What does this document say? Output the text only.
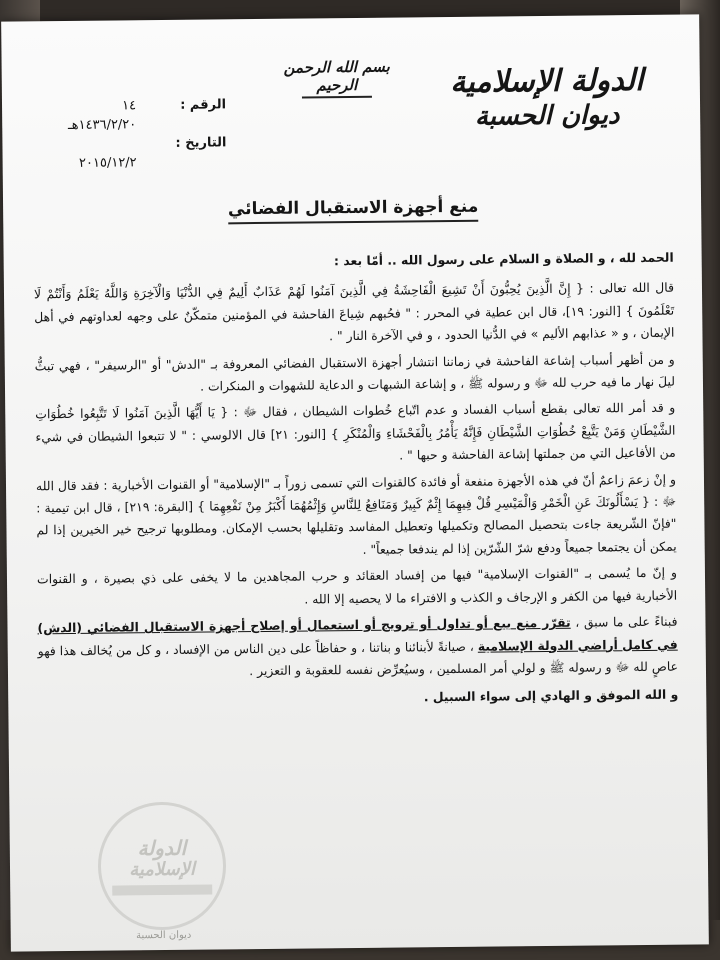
الدولة الإسلامية
ديوان الحسبة
بسم الله الرحمن الرحيم
الرقم :
١٤
١٤٣٦/٢/٢٠هـ
التاريخ :
٢٠١٥/١٢/٢
منع أجهزة الاستقبال الفضائي

الحمد لله ، و الصلاة و السلام على رسول الله .. أمّا بعد :

قال الله تعالى : { إِنَّ الَّذِينَ يُحِبُّونَ أَنْ تَشِيعَ الْفَاحِشَةُ فِي الَّذِينَ آمَنُوا لَهُمْ عَذَابٌ أَلِيمٌ فِي الدُّنْيَا وَالْآخِرَةِ وَاللَّهُ يَعْلَمُ وَأَنْتُمْ لَا تَعْلَمُونَ } [النور: ١٩]، قال ابن عطية في المحرر : " فحُبهم شِياعَ الفاحشة في المؤمنين متمكّنٌ على وجهه لعداوتهم في أهل الإيمان ، و « عذابهم الأليم » في الدُّنيا الحدود ، و في الآخرة النار " .

و من أظهر أسباب إشاعة الفاحشة في زماننا انتشار أجهزة الاستقبال الفضائي المعروفة بـ "الدش" أو "الرسيفر" ، فهي تبثُّ ليلَ نهار ما فيه حرب لله ﷻ و رسوله ﷺ ، و إشاعة الشبهات و الدعاية للشهوات و المنكرات .

و قد أمر الله تعالى بقطع أسباب الفساد و عدم اتّباع خُطوات الشيطان ، فقال ﷻ : { يَا أَيُّهَا الَّذِينَ آمَنُوا لَا تَتَّبِعُوا خُطُوَاتِ الشَّيْطَانِ وَمَنْ يَتَّبِعْ خُطُوَاتِ الشَّيْطَانِ فَإِنَّهُ يَأْمُرُ بِالْفَحْشَاءِ وَالْمُنْكَرِ } [النور: ٢١] قال الالوسي : " لا تتبعوا الشيطان في شيء من الأفاعيل التي من جملتها إشاعة الفاحشة و حبها " .

و إنْ زعمَ زاعمٌ أنّ في هذه الأجهزة منفعة أو فائدة كالقنوات التي تسمى زوراً بـ "الإسلامية" أو القنوات الأخبارية : فقد قال الله ﷻ : { يَسْأَلُونَكَ عَنِ الْخَمْرِ وَالْمَيْسِرِ قُلْ فِيهِمَا إِثْمٌ كَبِيرٌ وَمَنَافِعُ لِلنَّاسِ وَإِثْمُهُمَا أَكْبَرُ مِنْ نَفْعِهِمَا } [البقرة: ٢١٩] ، قال ابن تيمية : "فإنّ الشّريعة جاءت بتحصيل المصالح وتكميلها وتعطيل المفاسد وتقليلها بحسب الإمكان. ومطلوبها ترجيح خير الخيرين إذا لم يمكن أن يجتمعا جميعاً ودفع شرّ الشّرّين إذا لم يندفعا جميعاً" .

و إنّ ما يُسمى بـ "القنوات الإسلامية" فيها من إفساد العقائد و حرب المجاهدين ما لا يخفى على ذي بصيرة ، و القنوات الأخبارية فيها من الكفر و الإرجاف و الكذب و الافتراء ما لا يحصيه إلا الله .

فبناءً على ما سبق ، تقرّر منع بيع أو تداول أو ترويج أو استعمال أو إصلاح أجهزة الاستقبال الفضائي (الدش) في كامل أراضي الدولة الإسلامية ، صيانةً لأبنائنا و بناتنا ، و حفاظاً على دين الناس من الإفساد ، و كل من يُخالف هذا فهو عاصٍ لله ﷻ و رسوله ﷺ و لولي أمر المسلمين ، وسيُعرِّض نفسه للعقوبة و التعزير .

و الله الموفق و الهادي إلى سواء السبيل .

الدولة
الإسلامية
ديوان الحسبة
